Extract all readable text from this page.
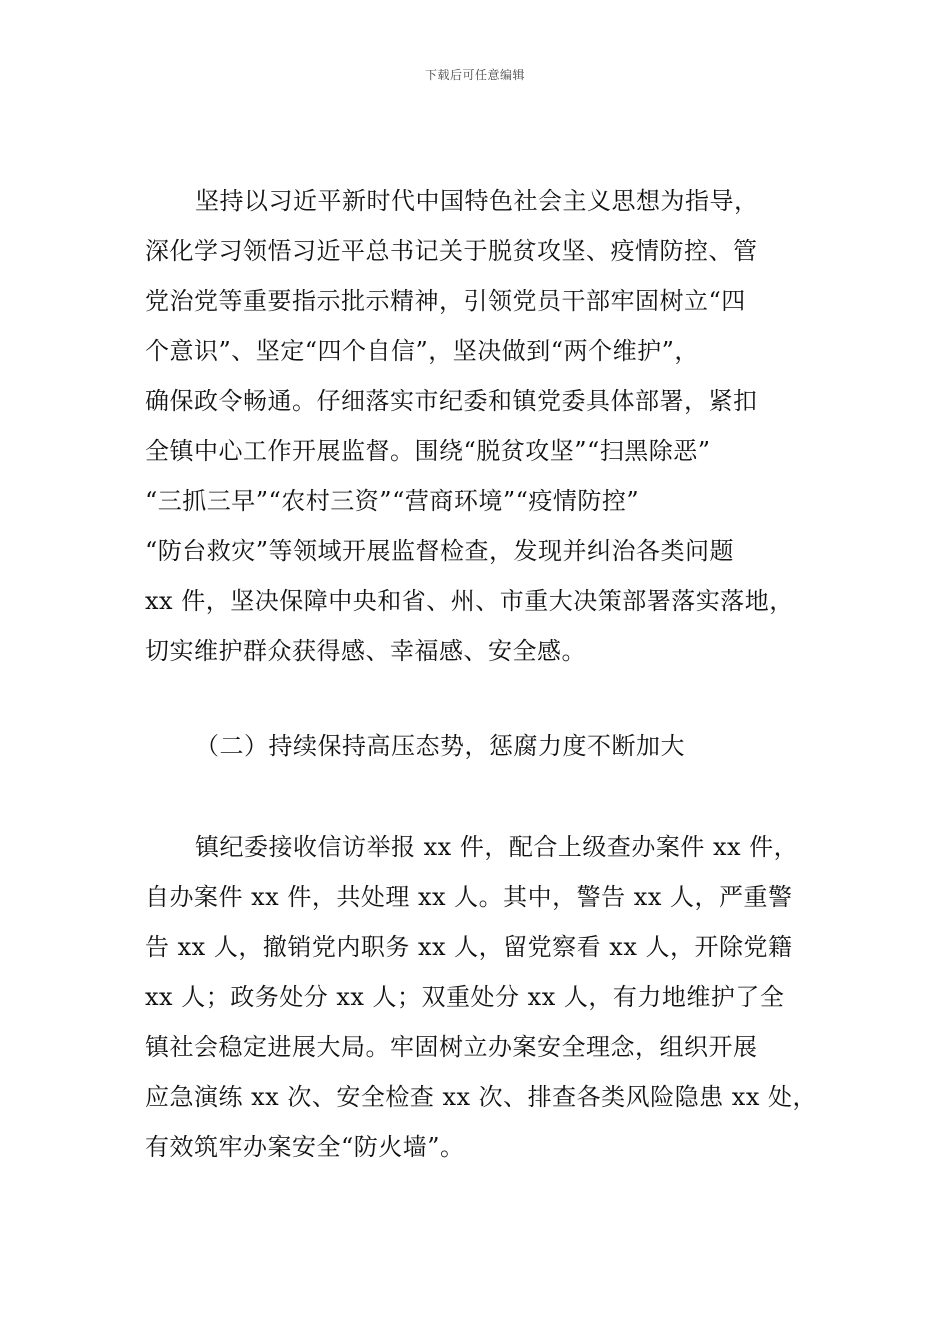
下载后可任意编辑
坚持以习近平新时代中国特色社会主义思想为指导，
深化学习领悟习近平总书记关于脱贫攻坚、疫情防控、管
党治党等重要指示批示精神，引领党员干部牢固树立“四
个意识”、坚定“四个自信”，坚决做到“两个维护”，
确保政令畅通。仔细落实市纪委和镇党委具体部署，紧扣
全镇中心工作开展监督。围绕“脱贫攻坚”“扫黑除恶”
“三抓三早”“农村三资”“营商环境”“疫情防控”
“防台救灾”等领域开展监督检查，发现并纠治各类问题
xx 件，坚决保障中央和省、州、市重大决策部署落实落地，
切实维护群众获得感、幸福感、安全感。
（二）持续保持高压态势，惩腐力度不断加大
镇纪委接收信访举报 xx 件，配合上级查办案件 xx 件，
自办案件 xx 件，共处理 xx 人。其中，警告 xx 人，严重警
告 xx 人，撤销党内职务 xx 人，留党察看 xx 人，开除党籍
xx 人；政务处分 xx 人；双重处分 xx 人，有力地维护了全
镇社会稳定进展大局。牢固树立办案安全理念，组织开展
应急演练 xx 次、安全检查 xx 次、排查各类风险隐患 xx 处，
有效筑牢办案安全“防火墙”。
